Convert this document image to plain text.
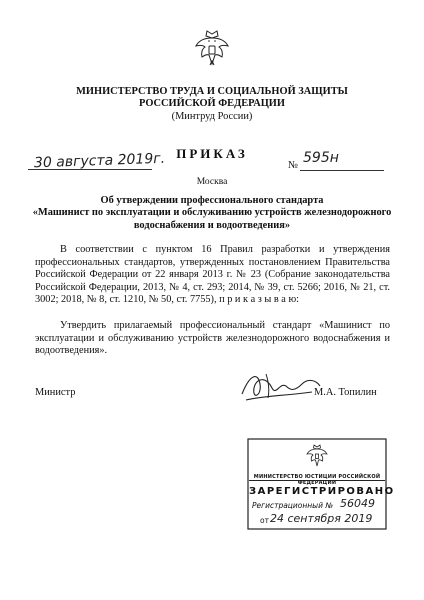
МИНИСТЕРСТВО ТРУДА И СОЦИАЛЬНОЙ ЗАЩИТЫ
РОССИЙСКОЙ ФЕДЕРАЦИИ
(Минтруд России)
ПРИКАЗ
30 августа 2019г.	№ 595н
Москва
Об утверждении профессионального стандарта
«Машинист по эксплуатации и обслуживанию устройств железнодорожного
водоснабжения и водоотведения»
В соответствии с пунктом 16 Правил разработки и утверждения профессиональных стандартов, утвержденных постановлением Правительства Российской Федерации от 22 января 2013 г. № 23 (Собрание законодательства Российской Федерации, 2013, № 4, ст. 293; 2014, № 39, ст. 5266; 2016, № 21, ст. 3002; 2018, № 8, ст. 1210, № 50, ст. 7755), п р и к а з ы в а ю:
Утвердить прилагаемый профессиональный стандарт «Машинист по эксплуатации и обслуживанию устройств железнодорожного водоснабжения и водоотведения».
Министр	М.А. Топилин
МИНИСТЕРСТВО ЮСТИЦИИ РОССИЙСКОЙ ФЕДЕРАЦИИ
ЗАРЕГИСТРИРОВАНО
Регистрационный № 56049
от 24 сентября 2019
